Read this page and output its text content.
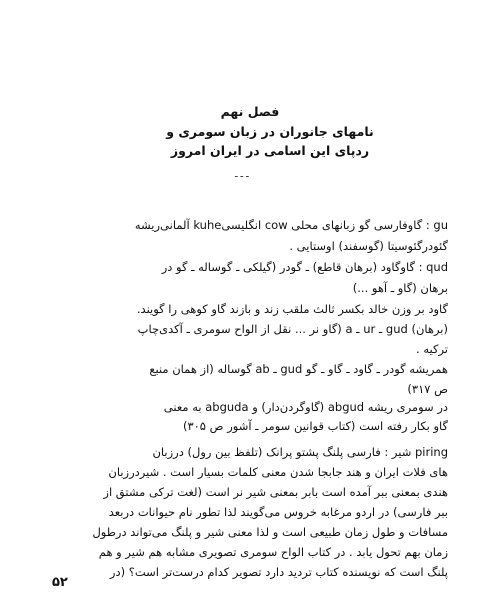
فصل نهم
نامهای جانوران در زبان سومری و
ردپای این اسامی در ایران امروز
ـ ـ ـ
gu : گاوفارسی گو زبانهای محلی cow انگلیسیkuhe آلمانی‌ریشه
گئودرگئوسیتا (گوسفند) اوستایی .
qud : گاوگاود (برهان قاطع) ـ گودر (گیلکی ـ گوساله ـ گو در
برهان (گاو ـ آهو ...)
گاود بر وزن خالد بکسر ثالث ملقب زند و بازند گاو کوهی را گویند.
(برهان) gud ـ ur ـ a (گاو نر ... نقل از الواح سومری ـ آکدی‌چاپ
ترکیه .
همریشه گودر ـ گاود ـ گاو ـ گو gud ـ ab گوساله (از همان منبع
ص ۳۱۷)
در سومری ریشه abgud (گاوگردن‌دار) و abguda به معنی
گاو بکار رفته است (کتاب قوانین سومر ـ آشور ص ۳۰۵)
piring شیر : فارسی پلنگ پشتو پرانک (تلفظ بین رول) درزبان
های فلات ایران و هند جابجا شدن معنی کلمات بسیار است . شیردرزبان
هندی بمعنی ببر آمده است بابر بمعنی شیر نر است (لغت ترکی مشتق از
ببر فارسی) در اردو مرغابه خروس می‌گویند لذا تطور نام حیوانات دربعد
مسافات و طول زمان طبیعی است و لذا معنی شیر و پلنگ می‌تواند درطول
زمان بهم تحول یابد . در کتاب الواح سومری تصویری مشابه هم شیر و هم
پلنگ است که نویسنده کتاب تردید دارد تصویر کدام درست‌تر است؟ (در
۵۲
